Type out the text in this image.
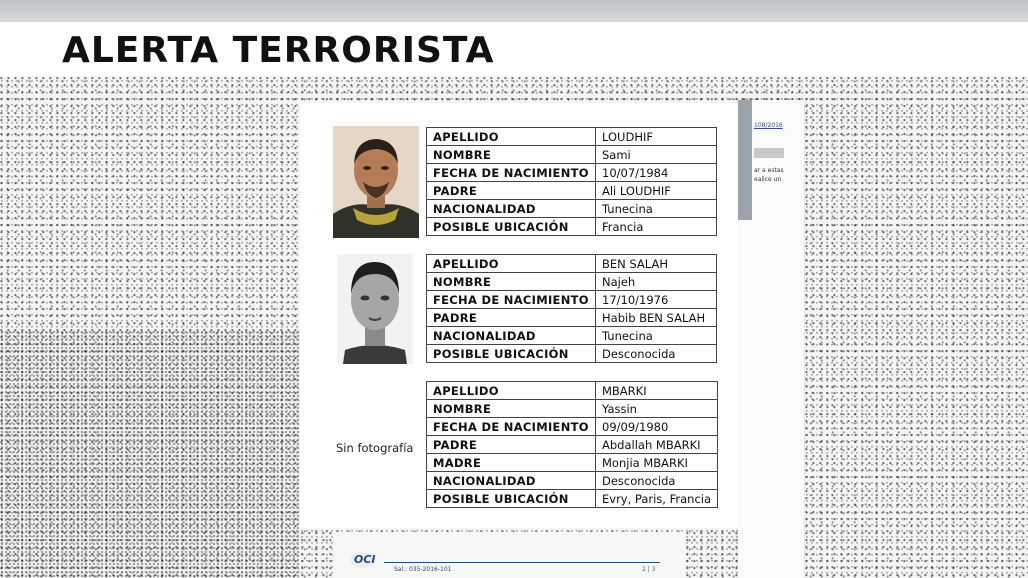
ALERTA TERRORISTA
108/2016
ar a estas
ealice un
Sin fotografía
APELLIDO	LOUDHIF
NOMBRE	Sami
FECHA DE NACIMIENTO	10/07/1984
PADRE	Ali LOUDHIF
NACIONALIDAD	Tunecina
POSIBLE UBICACIÓN	Francia
APELLIDO	BEN SALAH
NOMBRE	Najeh
FECHA DE NACIMIENTO	17/10/1976
PADRE	Habib BEN SALAH
NACIONALIDAD	Tunecina
POSIBLE UBICACIÓN	Desconocida
APELLIDO	MBARKI
NOMBRE	Yassin
FECHA DE NACIMIENTO	09/09/1980
PADRE	Abdallah MBARKI
MADRE	Monjia MBARKI
NACIONALIDAD	Desconocida
POSIBLE UBICACIÓN	Evry, Paris, Francia
OCI
Sal.: 035-2016-101	2 | 3
